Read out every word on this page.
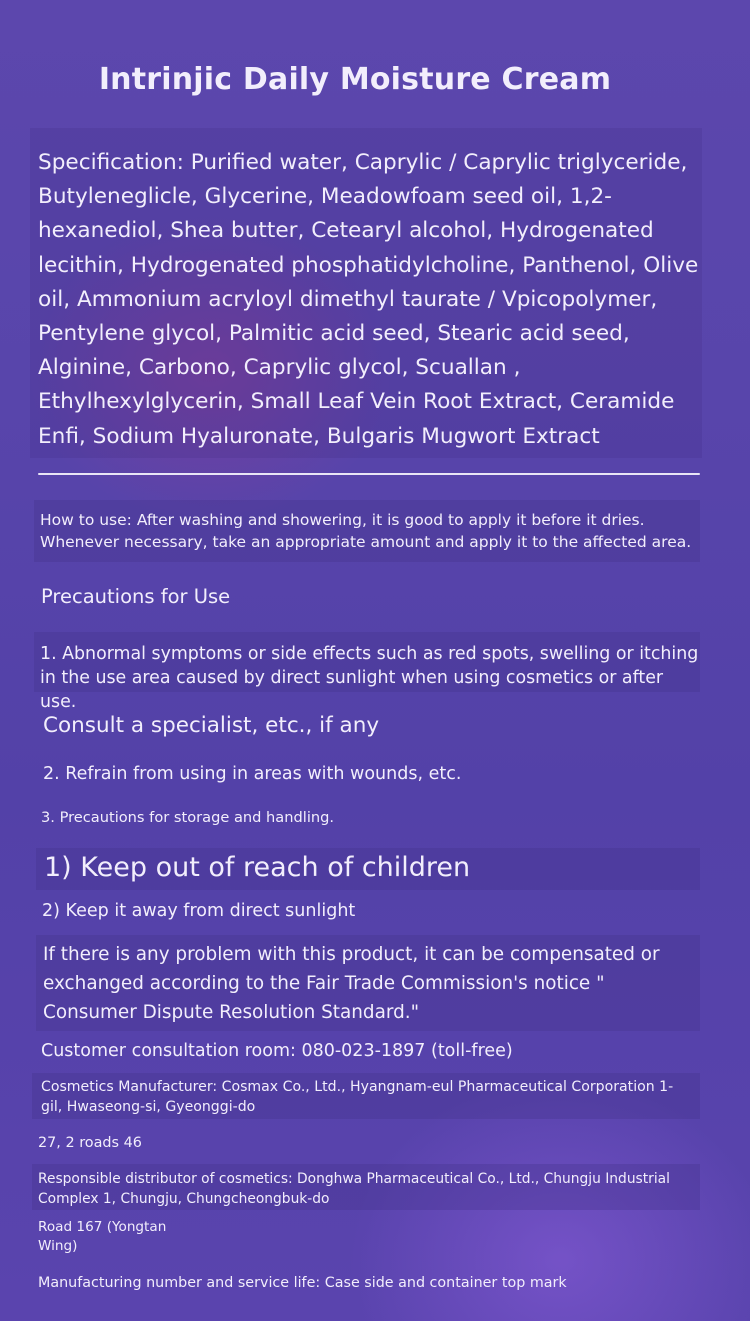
Intrinjic Daily Moisture Cream

Specification: Purified water, Caprylic / Caprylic triglyceride, Butyleneglicle, Glycerine, Meadowfoam seed oil, 1,2-hexanediol, Shea butter, Cetearyl alcohol, Hydrogenated lecithin, Hydrogenated phosphatidylcholine, Panthenol, Olive oil, Ammonium acryloyl dimethyl taurate / Vpicopolymer, Pentylene glycol, Palmitic acid seed, Stearic acid seed, Alginine, Carbono, Caprylic glycol, Scuallan , Ethylhexylglycerin, Small Leaf Vein Root Extract, Ceramide Enfi, Sodium Hyaluronate, Bulgaris Mugwort Extract

How to use: After washing and showering, it is good to apply it before it dries.

Whenever necessary, take an appropriate amount and apply it to the affected area.

Precautions for Use

1. Abnormal symptoms or side effects such as red spots, swelling or itching in the use area caused by direct sunlight when using cosmetics or after use.

Consult a specialist, etc., if any

2. Refrain from using in areas with wounds, etc.

3. Precautions for storage and handling.

1) Keep out of reach of children

2) Keep it away from direct sunlight

If there is any problem with this product, it can be compensated or exchanged according to the Fair Trade Commission's notice " Consumer Dispute Resolution Standard."

Customer consultation room: 080-023-1897 (toll-free)

Cosmetics Manufacturer: Cosmax Co., Ltd., Hyangnam-eul Pharmaceutical Corporation 1-gil, Hwaseong-si, Gyeonggi-do

27, 2 roads 46

Responsible distributor of cosmetics: Donghwa Pharmaceutical Co., Ltd., Chungju Industrial Complex 1, Chungju, Chungcheongbuk-do

Road 167 (Yongtan Wing)

Manufacturing number and service life: Case side and container top mark
